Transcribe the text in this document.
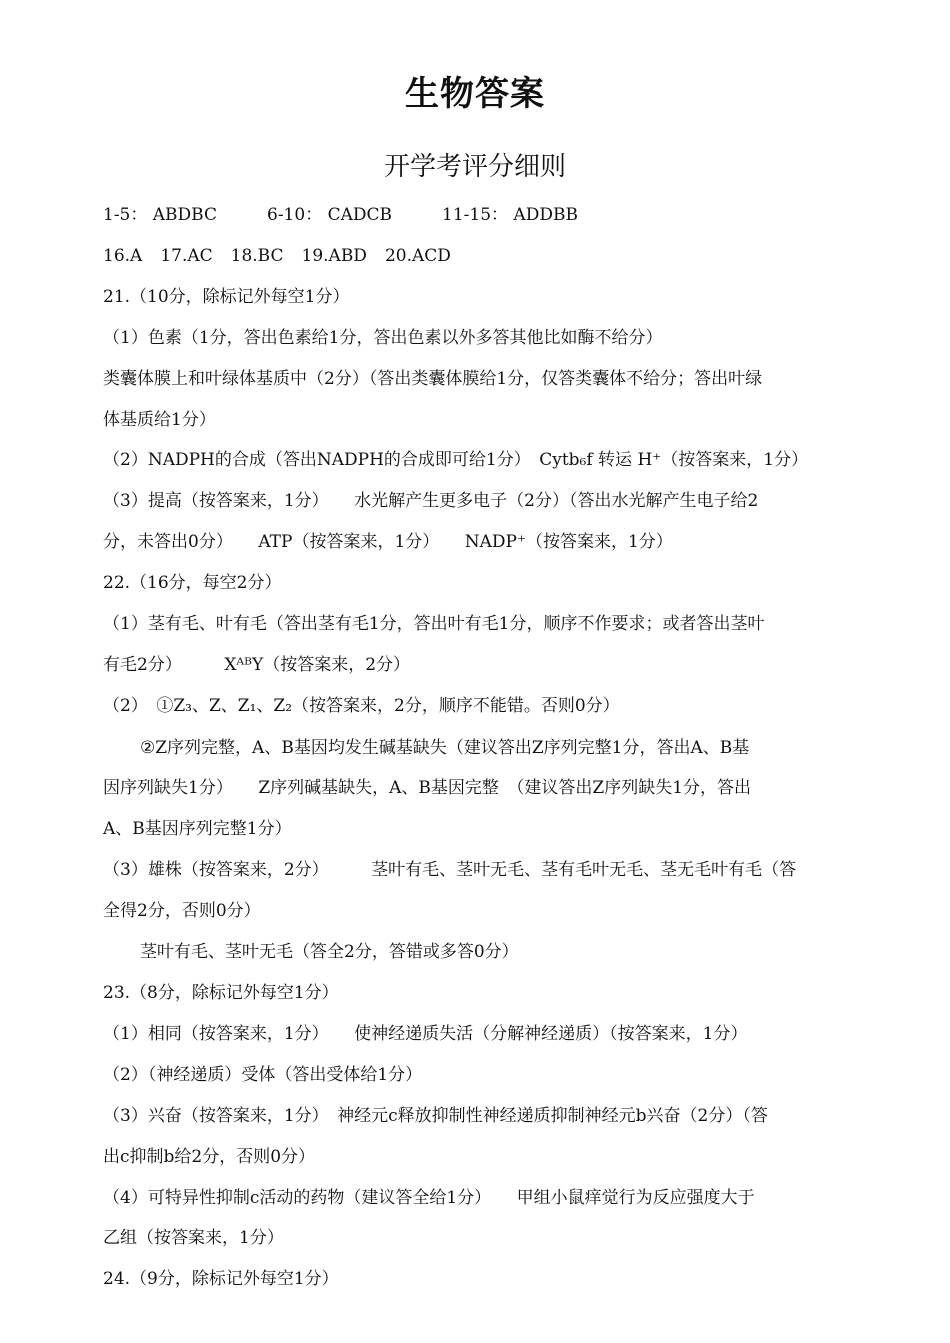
生物答案
开学考评分细则
1-5： ABDBC	6-10： CADCB	11-15： ADDBB
16.A 17.AC 18.BC 19.ABD 20.ACD
21.（10分，除标记外每空1分）
（1）色素（1分，答出色素给1分，答出色素以外多答其他比如酶不给分）
类囊体膜上和叶绿体基质中（2分）（答出类囊体膜给1分，仅答类囊体不给分；答出叶绿
体基质给1分）
（2）NADPH的合成（答出NADPH的合成即可给1分）　Cytb₆f 转运 H⁺（按答案来，1分）
（3）提高（按答案来，1分）　　水光解产生更多电子（2分）（答出水光解产生电子给2
分，未答出0分）　　ATP（按答案来，1分）　　NADP⁺（按答案来，1分）
22.（16分，每空2分）
（1）茎有毛、叶有毛（答出茎有毛1分，答出叶有毛1分，顺序不作要求；或者答出茎叶
有毛2分）　　　XᴬᴮY（按答案来，2分）
（2）　①Z₃、Z、Z₁、Z₂（按答案来，2分，顺序不能错。否则0分）
②Z序列完整，A、B基因均发生碱基缺失（建议答出Z序列完整1分，答出A、B基
因序列缺失1分）　　Z序列碱基缺失，A、B基因完整　（建议答出Z序列缺失1分，答出
A、B基因序列完整1分）
（3）雄株（按答案来，2分）　　　茎叶有毛、茎叶无毛、茎有毛叶无毛、茎无毛叶有毛（答
全得2分，否则0分）
茎叶有毛、茎叶无毛（答全2分，答错或多答0分）
23.（8分，除标记外每空1分）
（1）相同（按答案来，1分）　　使神经递质失活（分解神经递质）（按答案来，1分）
（2）（神经递质）受体（答出受体给1分）
（3）兴奋（按答案来，1分）　神经元c释放抑制性神经递质抑制神经元b兴奋（2分）（答
出c抑制b给2分，否则0分）
（4）可特异性抑制c活动的药物（建议答全给1分）　　甲组小鼠痒觉行为反应强度大于
乙组（按答案来，1分）
24.（9分，除标记外每空1分）
